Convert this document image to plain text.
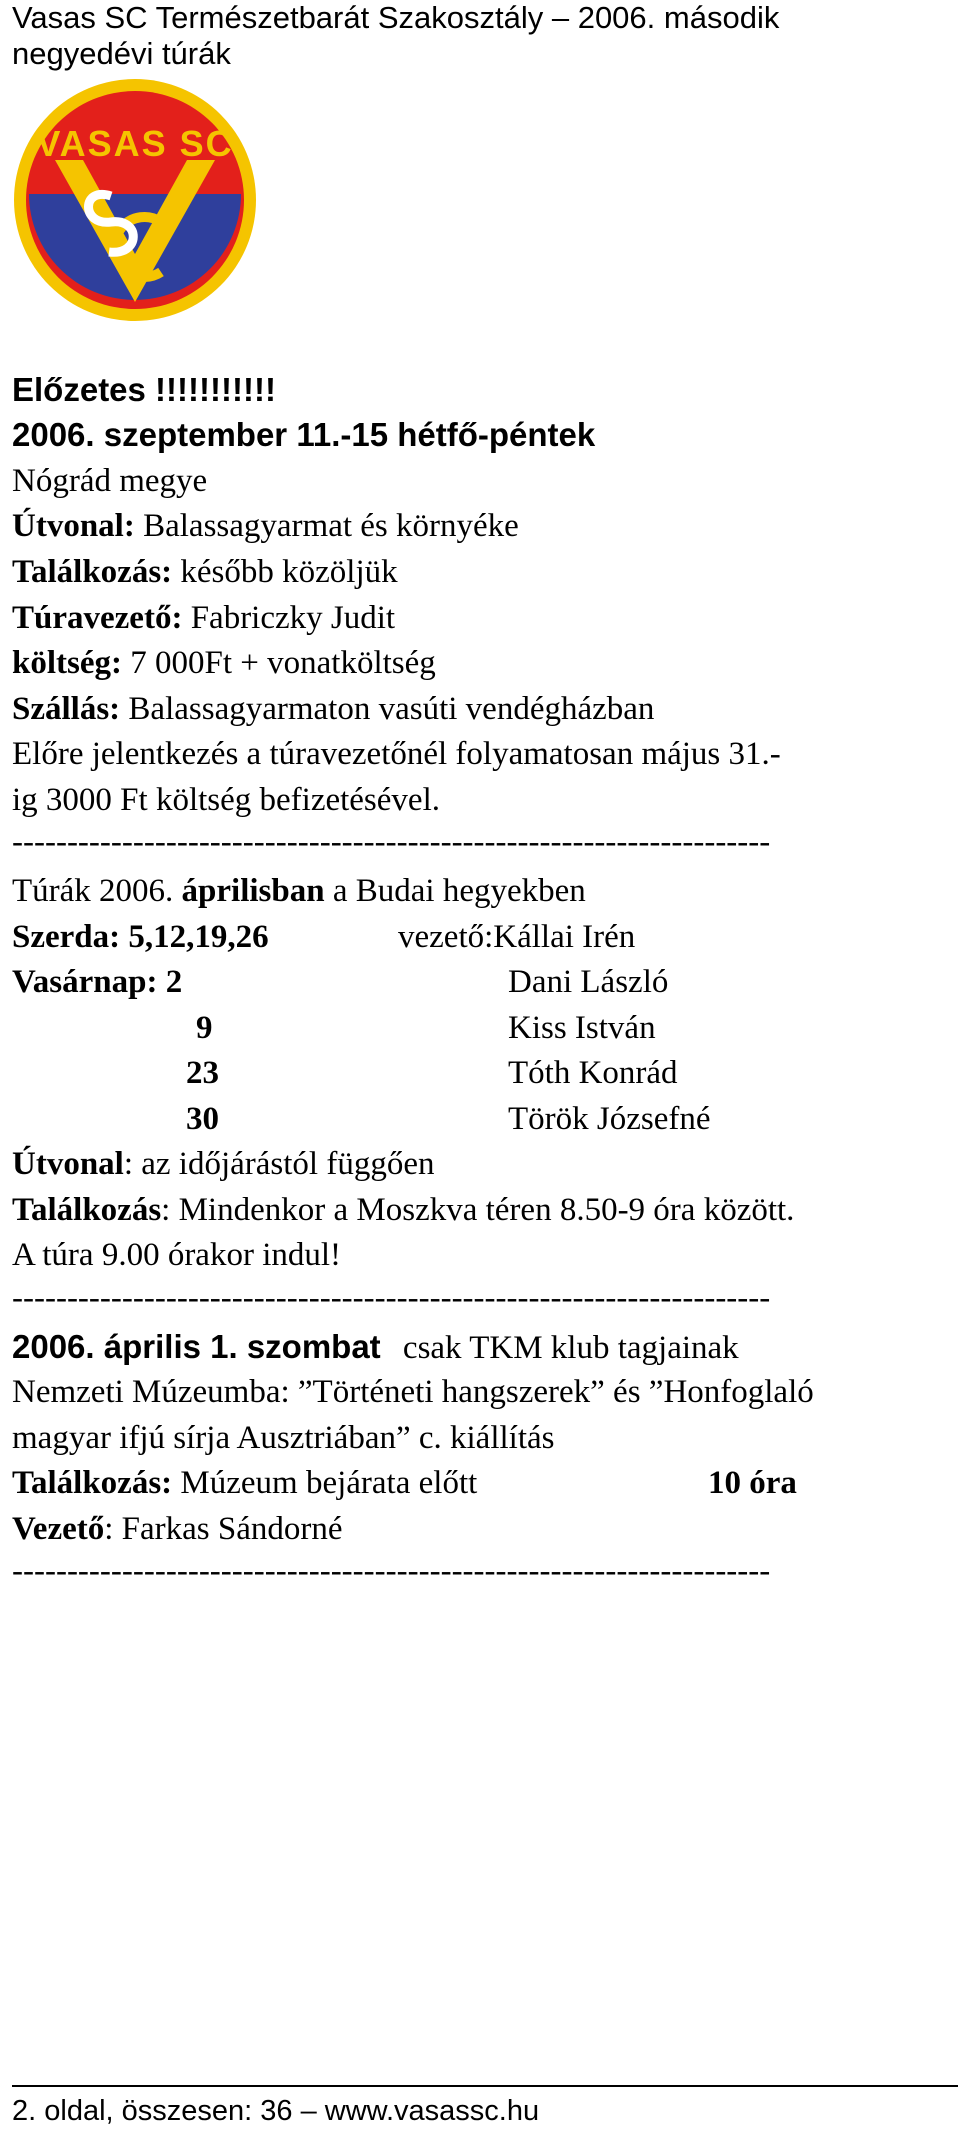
Vasas SC Természetbarát Szakosztály – 2006. második negyedévi túrák
VASAS SC
Előzetes !!!!!!!!!!!
2006. szeptember 11.-15 hétfő-péntek
Nógrád megye
Útvonal: Balassagyarmat és környéke
Találkozás: később közöljük
Túravezető: Fabriczky Judit
költség: 7 000Ft + vonatköltség
Szállás: Balassagyarmaton vasúti vendégházban
Előre jelentkezés a túravezetőnél folyamatosan május 31.-
ig 3000 Ft költség befizetésével.
---------------------------------------------------------------------
Túrák 2006. áprilisban a Budai hegyekben
Szerda: 5,12,19,26	vezető:Kállai Irén
Vasárnap: 2	Dani László
9	Kiss István
23	Tóth Konrád
30	Török Józsefné
Útvonal: az időjárástól függően
Találkozás: Mindenkor a Moszkva téren 8.50-9 óra között.
A túra 9.00 órakor indul!
---------------------------------------------------------------------
2006. április 1. szombat csak TKM klub tagjainak
Nemzeti Múzeumba: ”Történeti hangszerek” és ”Honfoglaló
magyar ifjú sírja Ausztriában” c. kiállítás
Találkozás: Múzeum bejárata előtt	10 óra
Vezető: Farkas Sándorné
---------------------------------------------------------------------
2. oldal, összesen: 36 – www.vasassc.hu
